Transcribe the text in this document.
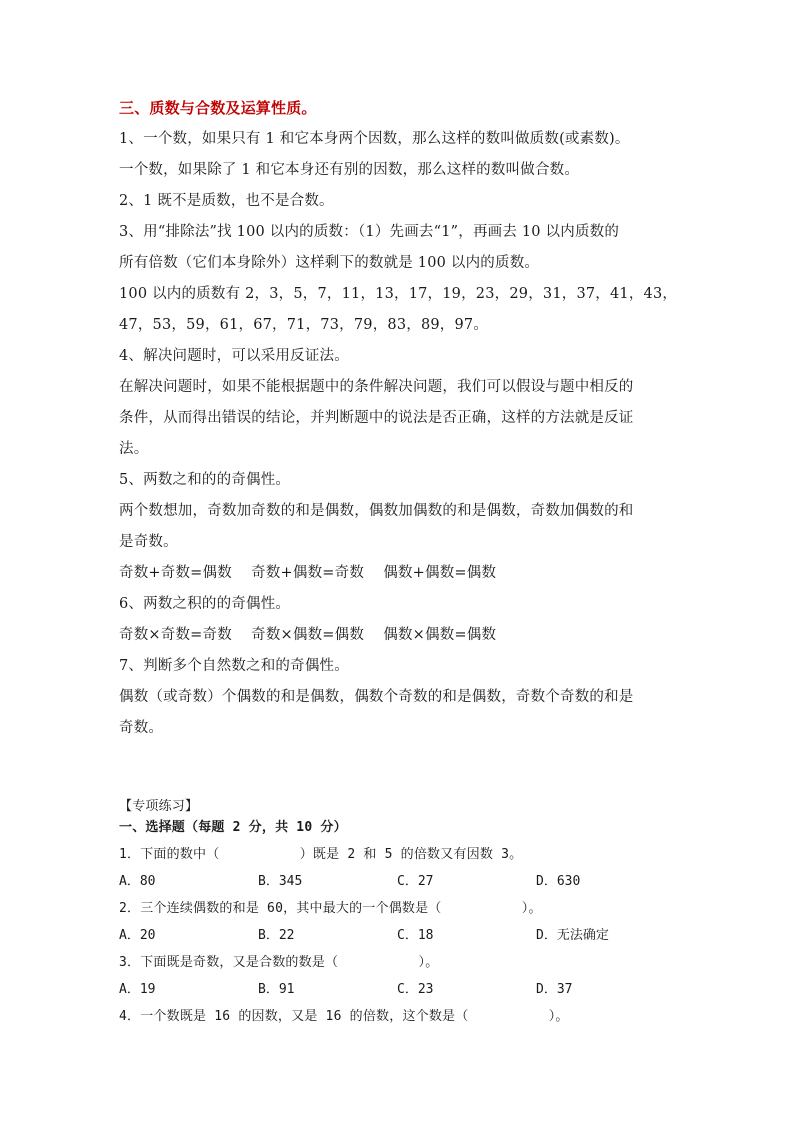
三、质数与合数及运算性质。
1、一个数，如果只有 1 和它本身两个因数，那么这样的数叫做质数(或素数)。
一个数，如果除了 1 和它本身还有别的因数，那么这样的数叫做合数。
2、1 既不是质数，也不是合数。
3、用“排除法”找 100 以内的质数：（1）先画去“1”，再画去 10 以内质数的
所有倍数（它们本身除外）这样剩下的数就是 100 以内的质数。
100 以内的质数有 2，3，5，7，11，13，17，19，23，29，31，37，41，43，
47，53，59，61，67，71，73，79，83，89，97。
4、解决问题时，可以采用反证法。
在解决问题时，如果不能根据题中的条件解决问题，我们可以假设与题中相反的
条件，从而得出错误的结论，并判断题中的说法是否正确，这样的方法就是反证
法。
5、两数之和的的奇偶性。
两个数想加，奇数加奇数的和是偶数，偶数加偶数的和是偶数，奇数加偶数的和
是奇数。
奇数+奇数=偶数    奇数+偶数=奇数    偶数+偶数=偶数
6、两数之积的的奇偶性。
奇数×奇数=奇数    奇数×偶数=偶数    偶数×偶数=偶数
7、判断多个自然数之和的奇偶性。
偶数（或奇数）个偶数的和是偶数，偶数个奇数的和是偶数，奇数个奇数的和是
奇数。
【专项练习】
一、选择题（每题 2 分，共 10 分）
1．下面的数中（          ）既是 2 和 5 的倍数又有因数 3。
A．80	B．345	C．27	D．630
2．三个连续偶数的和是 60，其中最大的一个偶数是（          ）。
A．20	B．22	C．18	D．无法确定
3．下面既是奇数，又是合数的数是（          ）。
A．19	B．91	C．23	D．37
4．一个数既是 16 的因数，又是 16 的倍数，这个数是（          ）。
